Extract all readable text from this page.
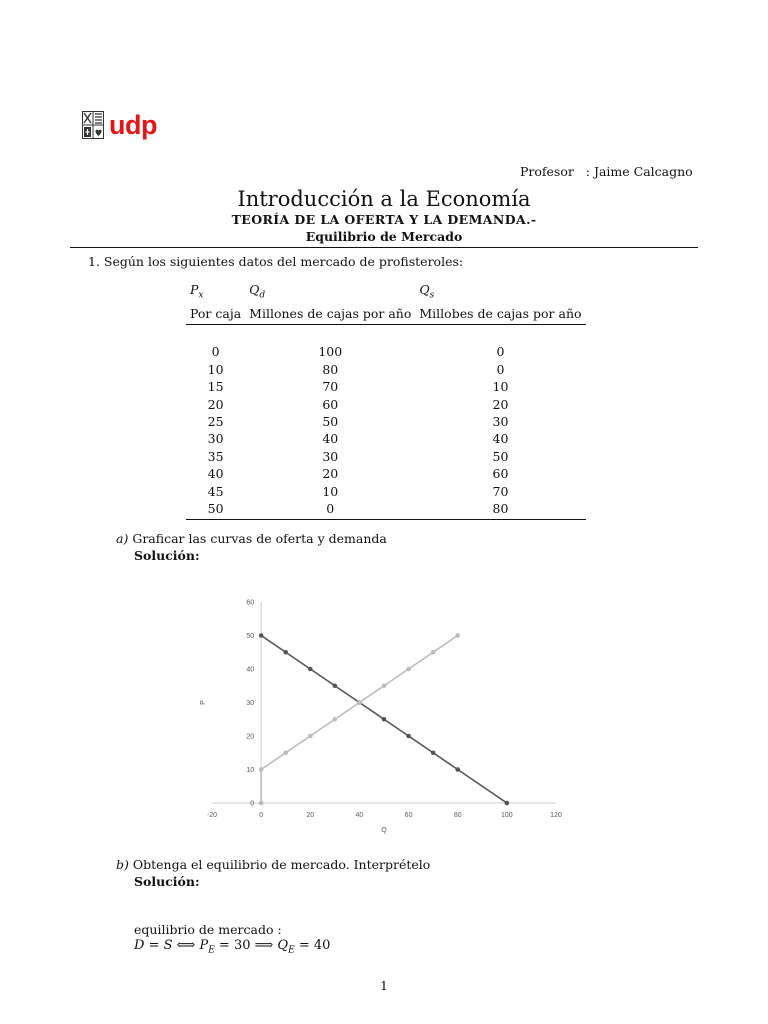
udp
Profesor : Jaime Calcagno
Introducción a la Economía
TEORÍA DE LA OFERTA Y LA DEMANDA.-
Equilibrio de Mercado
1. Según los siguientes datos del mercado de profisteroles:
$P_x$	$Q_d$	$Q_s$
Por caja	Millones de cajas por año	Millobes de cajas por año

0	100	0
10	80	0
15	70	10
20	60	20
25	50	30
30	40	40
35	30	50
40	20	60
45	10	70
50	0	80
a) Graficar las curvas de oferta y demanda
Solución:
-20	0	20	40	60	80	100	120
0
10
20
30
40
50
60
Q
P
b) Obtenga el equilibrio de mercado. Interprételo
Solución:
equilibrio de mercado :
D = S ⟺ $P_E = 30$ ⟹ $Q_E = 40$
1
